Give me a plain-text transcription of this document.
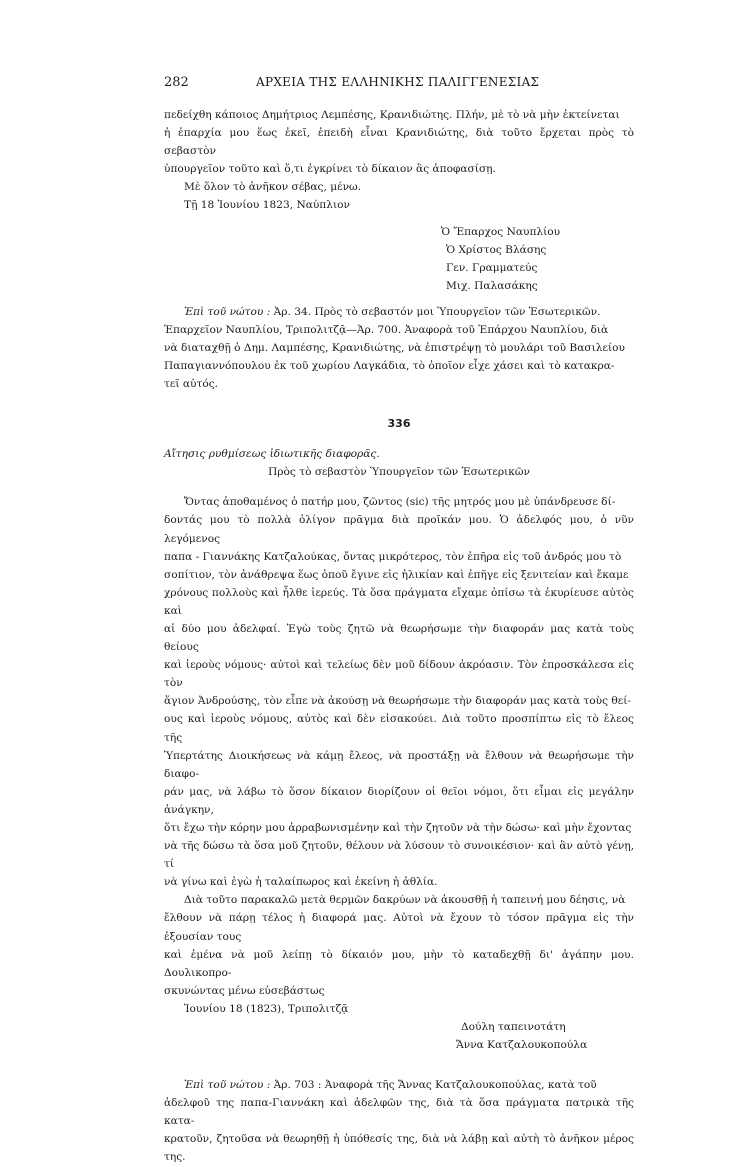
282	ΑΡΧΕΙΑ ΤΗΣ ΕΛΛΗΝΙΚΗΣ ΠΑΛΙΓΓΕΝΕΣΙΑΣ
πεδείχθη κάποιος Δημήτριος Λεμπέσης, Κρανιδιώτης. Πλήν, μὲ τὸ νὰ μὴν ἐκτείνεται
ἡ ἐπαρχία μου ἕως ἐκεῖ, ἐπειδὴ εἶναι Κρανιδιώτης, διὰ τοῦτο ἔρχεται πρὸς τὸ σεβαστὸν
ὑπουργεῖον τοῦτο καὶ ὅ,τι ἐγκρίνει τὸ δίκαιον ἂς ἀποφασίσῃ.
Μὲ ὅλον τὸ ἀνῆκον σέβας, μένω.
Τῇ 18 Ἰουνίου 1823, Ναύπλιον
Ὁ Ἔπαρχος Ναυπλίου
Ὁ Χρίστος Βλάσης
Γεν. Γραμματεύς
Μιχ. Παλασάκης
Ἐπὶ τοῦ νώτου : Ἀρ. 34. Πρὸς τὸ σεβαστόν μοι Ὑπουργεῖον τῶν Ἐσωτερικῶν.
Ἐπαρχεῖον Ναυπλίου, Τριπολιτζᾷ—Ἀρ. 700. Ἀναφορὰ τοῦ Ἐπάρχου Ναυπλίου, διὰ
νὰ διαταχθῇ ὁ Δημ. Λαμπέσης, Κρανιδιώτης, νὰ ἐπιστρέψῃ τὸ μουλάρι τοῦ Βασιλείου
Παπαγιαννόπουλου ἐκ τοῦ χωρίου Λαγκάδια, τὸ ὁποῖον εἶχε χάσει καὶ τὸ κατακρα-
τεῖ αὐτός.
336
Αἴτησις ρυθμίσεως ἰδιωτικῆς διαφορᾶς.
Πρὸς τὸ σεβαστὸν Ὑπουργεῖον τῶν Ἐσωτερικῶν
Ὄντας ἀποθαμένος ὁ πατήρ μου, ζῶντος (sic) τῆς μητρός μου μὲ ὑπάνδρευσε δί-
δοντάς μου τὸ πολλὰ ὀλίγον πρᾶγμα διὰ προῖκάν μου. Ὁ ἀδελφός μου, ὁ νῦν λεγόμενος
παπα - Γιαννάκης Κατζαλούκας, ὄντας μικρότερος, τὸν ἐπῆρα εἰς τοῦ ἀνδρός μου τὸ
σοπίτιον, τὸν ἀνάθρεψα ἕως ὁποῦ ἔγινε εἰς ἡλικίαν καὶ ἐπῆγε εἰς ξενιτείαν καὶ ἔκαμε
χρόνους πολλοὺς καὶ ἦλθε ἱερεύς. Τὰ ὅσα πράγματα εἴχαμε ὀπίσω τὰ ἐκυρίευσε αὐτὸς καὶ
αἱ δύο μου ἀδελφαί. Ἐγὼ τοὺς ζητῶ νὰ θεωρήσωμε τὴν διαφοράν μας κατὰ τοὺς θείους
καὶ ἱεροὺς νόμους· αὐτοὶ καὶ τελείως δὲν μοῦ δίδουν ἀκρόασιν. Τὸν ἐπροσκάλεσα εἰς τὸν
ἅγιον Ἀνδρούσης, τὸν εἶπε νὰ ἀκούσῃ νὰ θεωρήσωμε τὴν διαφοράν μας κατὰ τοὺς θεί-
ους καὶ ἱεροὺς νόμους, αὐτὸς καὶ δὲν εἰσακούει. Διὰ τοῦτο προσπίπτω εἰς τὸ ἔλεος τῆς
Ὑπερτάτης Διοικήσεως νὰ κάμῃ ἔλεος, νὰ προστάξῃ νὰ ἔλθουν νὰ θεωρήσωμε τὴν διαφο-
ράν μας, νὰ λάβω τὸ ὅσον δίκαιον διορίζουν οἱ θεῖοι νόμοι, ὅτι εἶμαι εἰς μεγάλην ἀνάγκην,
ὅτι ἔχω τὴν κόρην μου ἀρραβωνισμένην καὶ τὴν ζητοῦν νὰ τὴν δώσω· καὶ μὴν ἔχοντας
νὰ τῆς δώσω τὰ ὅσα μοῦ ζητοῦν, θέλουν νὰ λύσουν τὸ συνοικέσιον· καὶ ἂν αὐτὸ γένῃ, τί
νὰ γίνω καὶ ἐγὼ ἡ ταλαίπωρος καὶ ἐκείνη ἡ ἀθλία.
Διὰ τοῦτο παρακαλῶ μετὰ θερμῶν δακρύων νὰ ἀκουσθῇ ἡ ταπεινή μου δέησις, νὰ
ἔλθουν νὰ πάρῃ τέλος ἡ διαφορά μας. Αὐτοὶ νὰ ἔχουν τὸ τόσον πρᾶγμα εἰς τὴν ἐξουσίαν τους
καὶ ἐμένα νὰ μοῦ λείπῃ τὸ δίκαιόν μου, μὴν τὸ καταδεχθῇ δι' ἀγάπην μου. Δουλικοπρο-
σκυνώντας μένω εὐσεβάστως
Ἰουνίου 18 (1823), Τριπολιτζᾷ
Δούλη ταπεινοτάτη
Ἄννα Κατζαλουκοπούλα
Ἐπὶ τοῦ νώτου : Ἀρ. 703 : Ἀναφορὰ τῆς Ἄννας Κατζαλουκοπούλας, κατὰ τοῦ
ἀδελφοῦ της παπα-Γιαννάκη καὶ ἀδελφῶν της, διὰ τὰ ὅσα πράγματα πατρικὰ τῆς κατα-
κρατοῦν, ζητοῦσα νὰ θεωρηθῇ ἡ ὑπόθεσίς της, διὰ νὰ λάβῃ καὶ αὐτὴ τὸ ἀνῆκον μέρος της.
